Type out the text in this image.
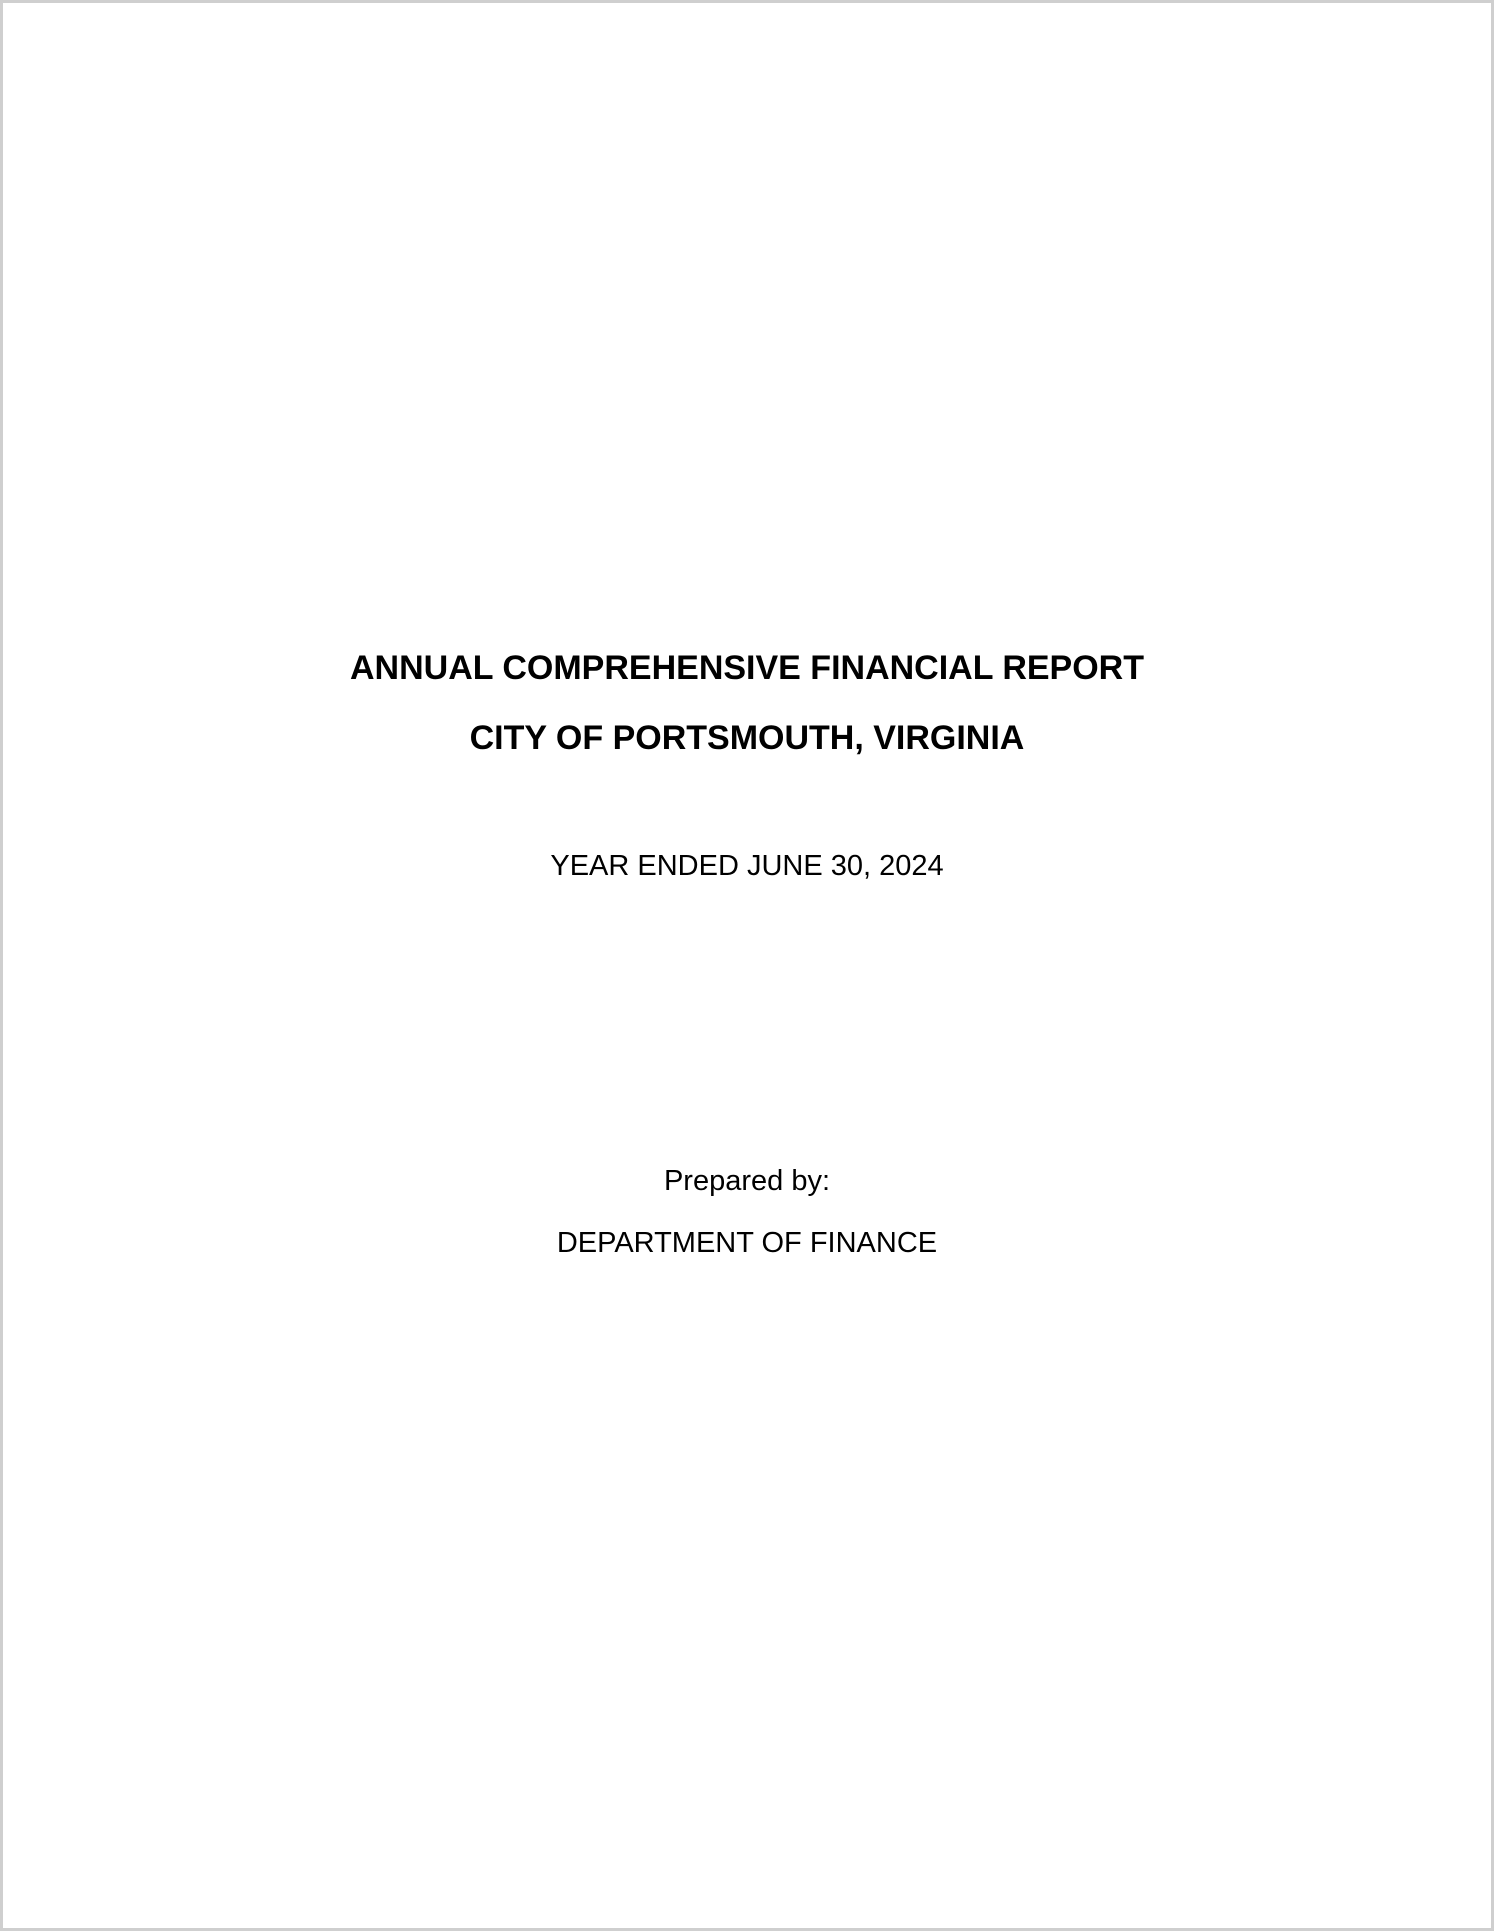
ANNUAL COMPREHENSIVE FINANCIAL REPORT
CITY OF PORTSMOUTH, VIRGINIA
YEAR ENDED JUNE 30, 2024
Prepared by:
DEPARTMENT OF FINANCE
